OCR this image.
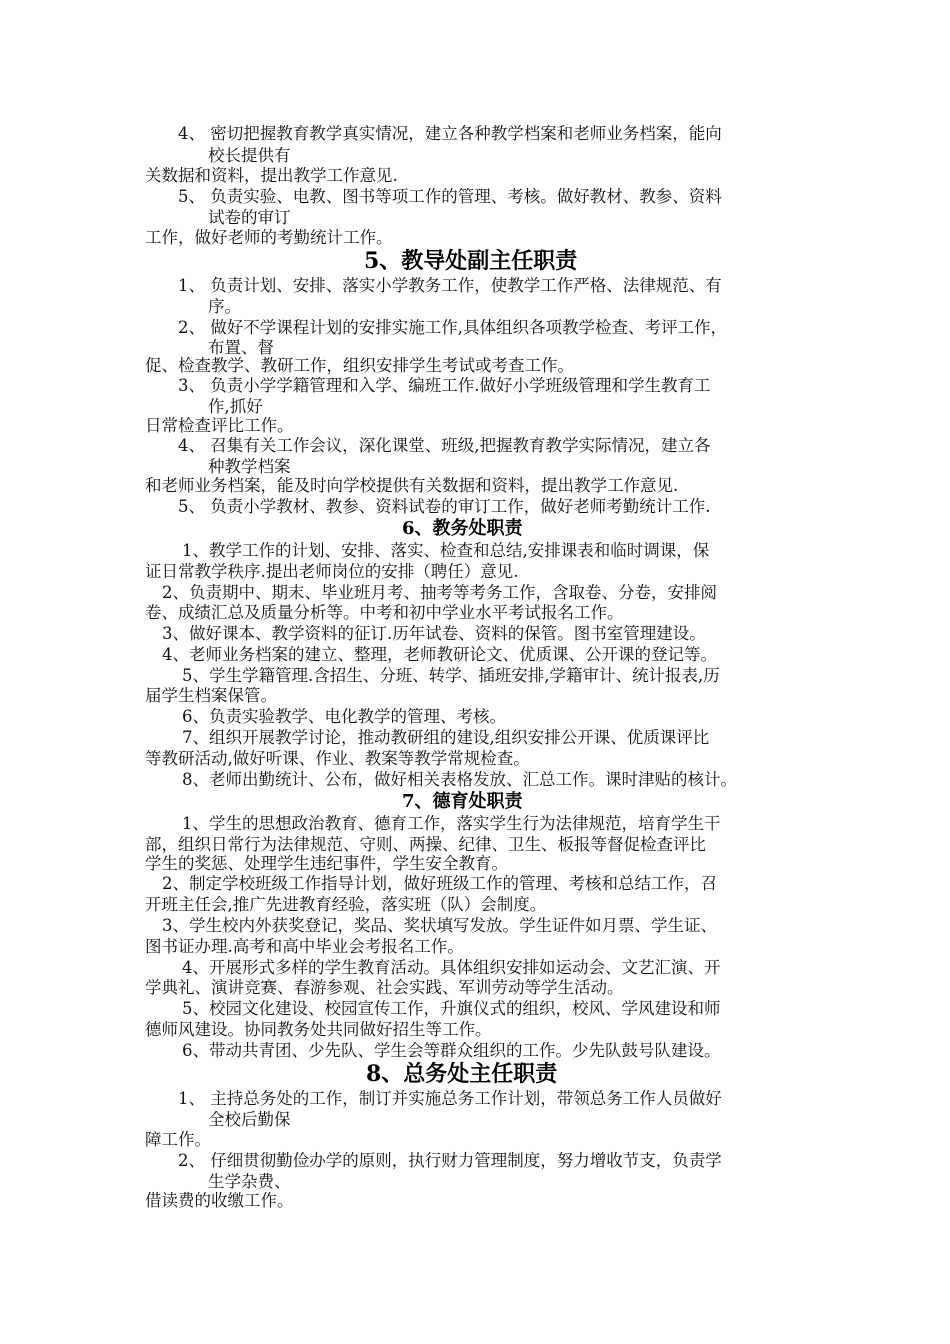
4、 密切把握教育教学真实情况，建立各种教学档案和老师业务档案，能向
校长提供有
关数据和资料，提出教学工作意见.
5、 负责实验、电教、图书等项工作的管理、考核。做好教材、教参、资料
试卷的审订
工作，做好老师的考勤统计工作。
5、教导处副主任职责
1、 负责计划、安排、落实小学教务工作，使教学工作严格、法律规范、有
序。
2、 做好不学课程计划的安排实施工作,具体组织各项教学检查、考评工作，
布置、督
促、检查教学、教研工作，组织安排学生考试或考查工作。
3、 负责小学学籍管理和入学、编班工作.做好小学班级管理和学生教育工
作,抓好
日常检查评比工作。
4、 召集有关工作会议，深化课堂、班级,把握教育教学实际情况，建立各
种教学档案
和老师业务档案，能及时向学校提供有关数据和资料，提出教学工作意见.
5、 负责小学教材、教参、资料试卷的审订工作，做好老师考勤统计工作.
6、教务处职责
1、教学工作的计划、安排、落实、检查和总结,安排课表和临时调课，保
证日常教学秩序.提出老师岗位的安排（聘任）意见.
2、负责期中、期末、毕业班月考、抽考等考务工作，含取卷、分卷，安排阅
卷、成绩汇总及质量分析等。中考和初中学业水平考试报名工作。
3、做好课本、教学资料的征订.历年试卷、资料的保管。图书室管理建设。
4、老师业务档案的建立、整理，老师教研论文、优质课、公开课的登记等。
5、学生学籍管理.含招生、分班、转学、插班安排,学籍审计、统计报表,历
届学生档案保管。
6、负责实验教学、电化教学的管理、考核。
7、组织开展教学讨论，推动教研组的建设,组织安排公开课、优质课评比
等教研活动,做好听课、作业、教案等教学常规检查。
8、老师出勤统计、公布，做好相关表格发放、汇总工作。课时津贴的核计。
7、德育处职责
1、学生的思想政治教育、德育工作，落实学生行为法律规范，培育学生干
部，组织日常行为法律规范、守则、两操、纪律、卫生、板报等督促检查评比
学生的奖惩、处理学生违纪事件，学生安全教育。
2、制定学校班级工作指导计划，做好班级工作的管理、考核和总结工作，召
开班主任会,推广先进教育经验，落实班（队）会制度。
3、学生校内外获奖登记，奖品、奖状填写发放。学生证件如月票、学生证、
图书证办理.高考和高中毕业会考报名工作。
4、开展形式多样的学生教育活动。具体组织安排如运动会、文艺汇演、开
学典礼、演讲竞赛、春游参观、社会实践、军训劳动等学生活动。
5、校园文化建设、校园宣传工作，升旗仪式的组织，校风、学风建设和师
德师风建设。协同教务处共同做好招生等工作。
6、带动共青团、少先队、学生会等群众组织的工作。少先队鼓号队建设。
8、总务处主任职责
1、 主持总务处的工作，制订并实施总务工作计划，带领总务工作人员做好
全校后勤保
障工作。
2、 仔细贯彻勤俭办学的原则，执行财力管理制度，努力增收节支，负责学
生学杂费、
借读费的收缴工作。
